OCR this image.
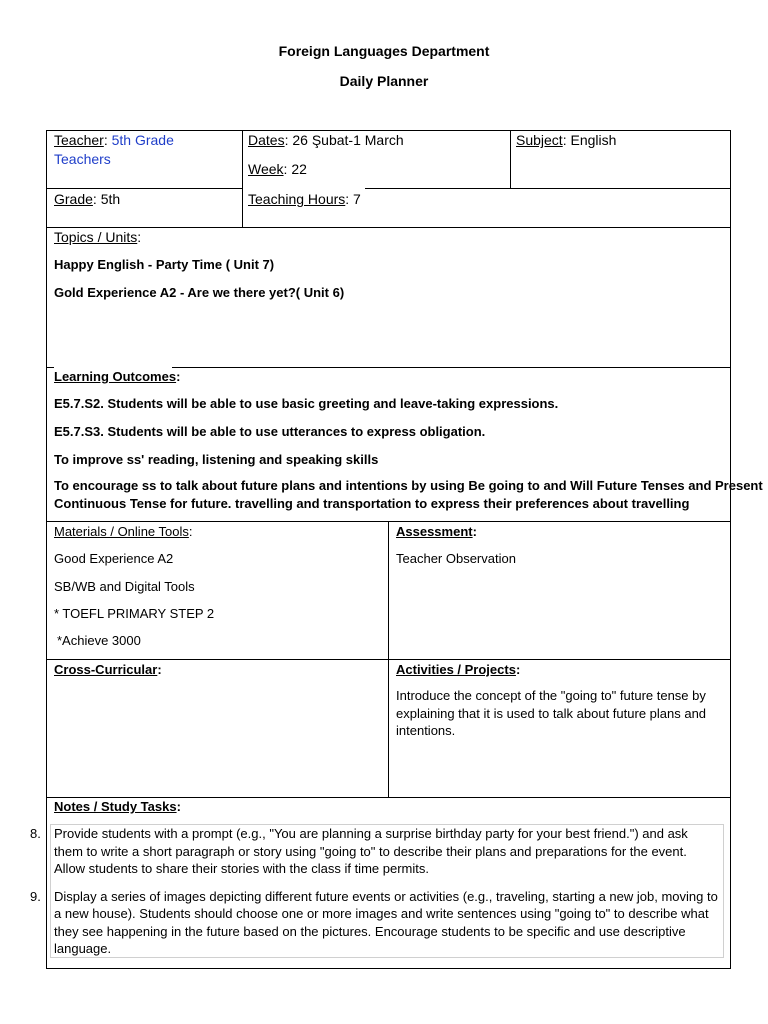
Foreign Languages Department
Daily Planner
Teacher: 5th Grade
Teachers
Dates: 26 Şubat-1 March
Week: 22
Subject: English
Grade: 5th	Teaching Hours: 7
Topics / Units:
Happy English - Party Time ( Unit 7)
Gold Experience A2 - Are we there yet?( Unit 6)
Learning Outcomes:
E5.7.S2. Students will be able to use basic greeting and leave-taking expressions.
E5.7.S3. Students will be able to use utterances to express obligation.
To improve ss' reading, listening and speaking skills
To encourage ss to talk about future plans and intentions by using Be going to and Will Future Tenses and Present
Continuous Tense for future. travelling and transportation to express their preferences about travelling
Materials / Online Tools:
Good Experience A2
SB/WB and Digital Tools
* TOEFL PRIMARY STEP 2
*Achieve 3000
Assessment:
Teacher Observation
Cross-Curricular:	Activities / Projects:
Introduce the concept of the "going to" future tense by
explaining that it is used to talk about future plans and
intentions.
Notes / Study Tasks:
8. Provide students with a prompt (e.g., "You are planning a surprise birthday party for your best friend.") and ask
them to write a short paragraph or story using "going to" to describe their plans and preparations for the event.
Allow students to share their stories with the class if time permits.
9. Display a series of images depicting different future events or activities (e.g., traveling, starting a new job, moving to
a new house). Students should choose one or more images and write sentences using "going to" to describe what
they see happening in the future based on the pictures. Encourage students to be specific and use descriptive
language.
